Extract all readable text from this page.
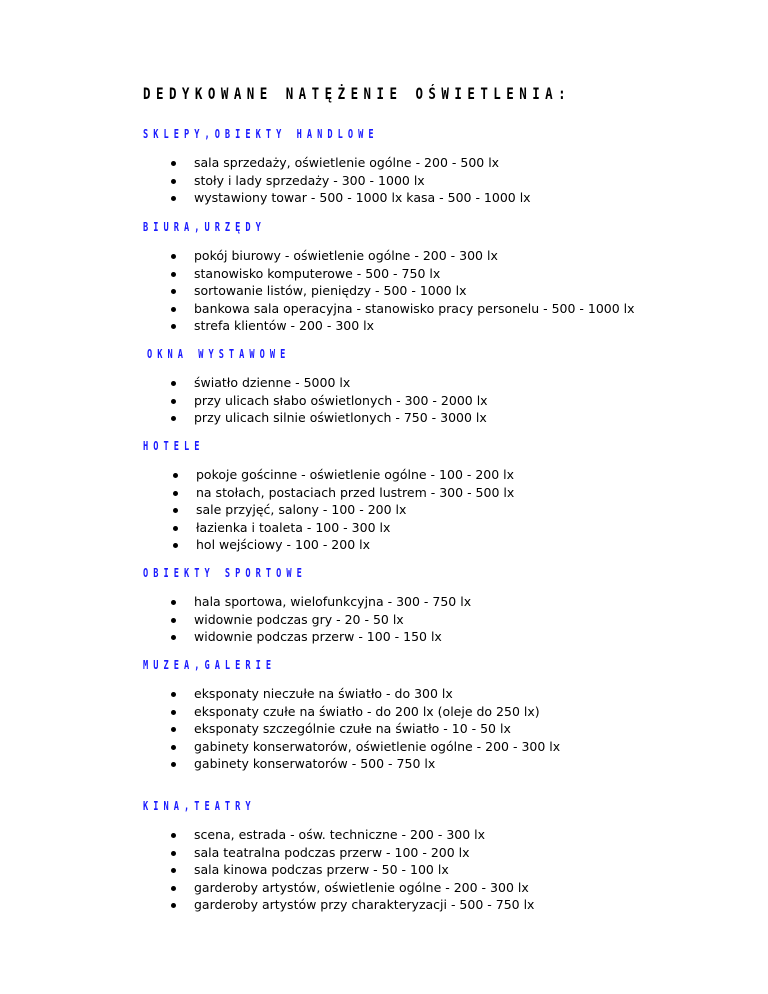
DEDYKOWANE NATĘŻENIE OŚWIETLENIA:
SKLEPY,OBIEKTY HANDLOWE
sala sprzedaży, oświetlenie ogólne - 200 - 500 lx
stoły i lady sprzedaży - 300 - 1000 lx
wystawiony towar - 500 - 1000 lx kasa - 500 - 1000 lx
BIURA,URZĘDY
pokój biurowy - oświetlenie ogólne - 200 - 300 lx
stanowisko komputerowe - 500 - 750 lx
sortowanie listów, pieniędzy - 500 - 1000 lx
bankowa sala operacyjna - stanowisko pracy personelu - 500 - 1000 lx
strefa klientów - 200 - 300 lx
OKNA WYSTAWOWE
światło dzienne - 5000 lx
przy ulicach słabo oświetlonych - 300 - 2000 lx
przy ulicach silnie oświetlonych - 750 - 3000 lx
HOTELE
pokoje gościnne - oświetlenie ogólne - 100 - 200 lx
na stołach, postaciach przed lustrem - 300 - 500 lx
sale przyjęć, salony - 100 - 200 lx
łazienka i toaleta - 100 - 300 lx
hol wejściowy - 100 - 200 lx
OBIEKTY SPORTOWE
hala sportowa, wielofunkcyjna - 300 - 750 lx
widownie podczas gry - 20 - 50 lx
widownie podczas przerw - 100 - 150 lx
MUZEA,GALERIE
eksponaty nieczułe na światło - do 300 lx
eksponaty czułe na światło - do 200 lx (oleje do 250 lx)
eksponaty szczególnie czułe na światło - 10 - 50 lx
gabinety konserwatorów, oświetlenie ogólne - 200 - 300 lx
gabinety konserwatorów - 500 - 750 lx
KINA,TEATRY
scena, estrada - ośw. techniczne - 200 - 300 lx
sala teatralna podczas przerw - 100 - 200 lx
sala kinowa podczas przerw - 50 - 100 lx
garderoby artystów, oświetlenie ogólne - 200 - 300 lx
garderoby artystów przy charakteryzacji - 500 - 750 lx
